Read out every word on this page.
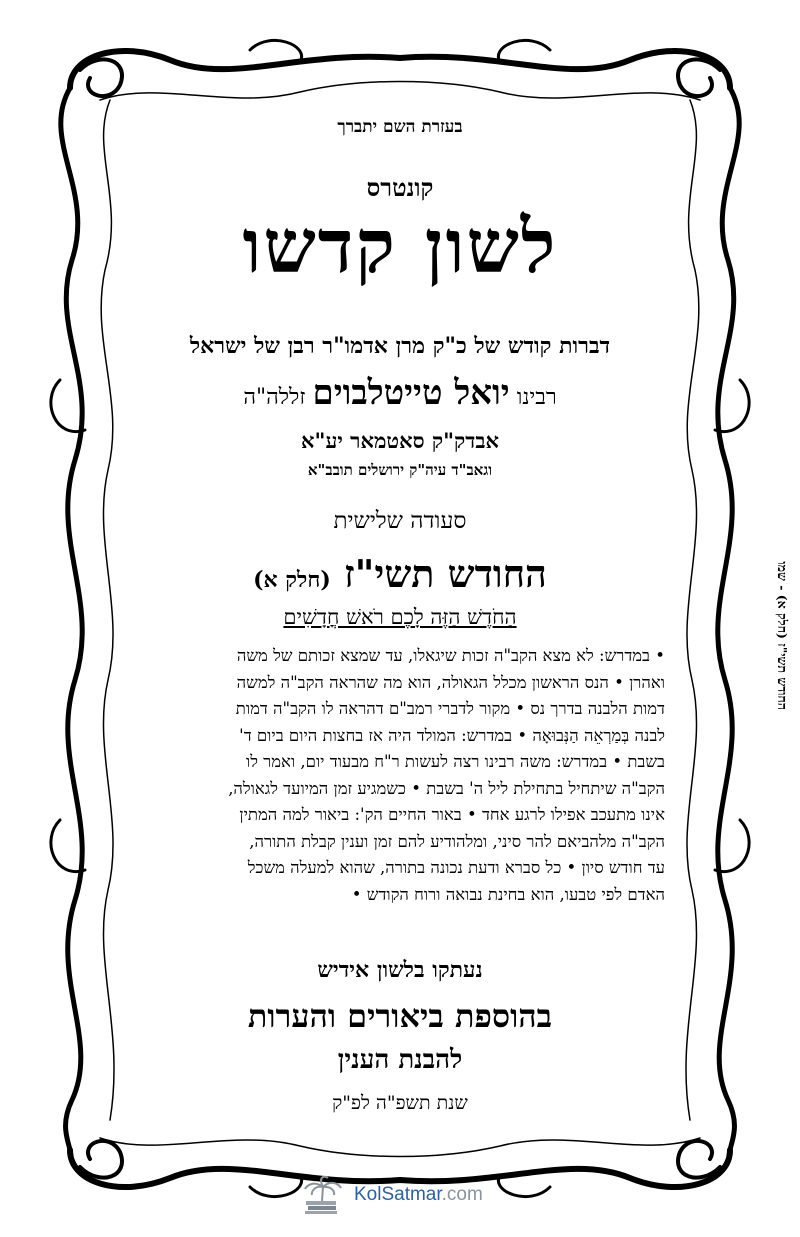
בעזרת השם יתברך
קונטרס
לשון קדשו
דברות קודש של כ"ק מרן אדמו"ר רבן של ישראל
רבינו יואל טייטלבוים זללה"ה
אבדק"ק סאטמאר יע"א
וגאב"ד עיה"ק ירושלים תובב"א
סעודה שלישית
החודש תשי"ז (חלק א)
הַחֹדֶשׁ הַזֶּה לָכֶם רֹאשׁ חֳדָשִׁים
• במדרש: לא מצא הקב"ה זכות שיגאלו, עד שמצא זכותם של משה
ואהרן • הנס הראשון מכלל הגאולה, הוא מה שהראה הקב"ה למשה
דמות הלבנה בדרך נס • מקור לדברי רמב"ם דהראה לו הקב"ה דמות
לבנה בְּמַרְאֵה הַנְּבוּאָה • במדרש: המולד היה אז בחצות היום ביום ד'
בשבת • במדרש: משה רבינו רצה לעשות ר"ח מבעוד יום, ואמר לו
הקב"ה שיתחיל בתחילת ליל ה' בשבת • כשמגיע זמן המיועד לגאולה,
אינו מתעכב אפילו לרגע אחד • באור החיים הק': ביאור למה המתין
הקב"ה מלהביאם להר סיני, ומלהודיע להם זמן וענין קבלת התורה,
עד חודש סיון • כל סברא ודעת נכונה בתורה, שהוא למעלה משכל
האדם לפי טבעו, הוא בחינת נבואה ורוח הקודש •
נעתקו בלשון אידיש
בהוספת ביאורים והערות
להבנת הענין
שנת תשפ"ה לפ"ק
החודש תשי"ז (חלק א) - שמו
KolSatmar.com
